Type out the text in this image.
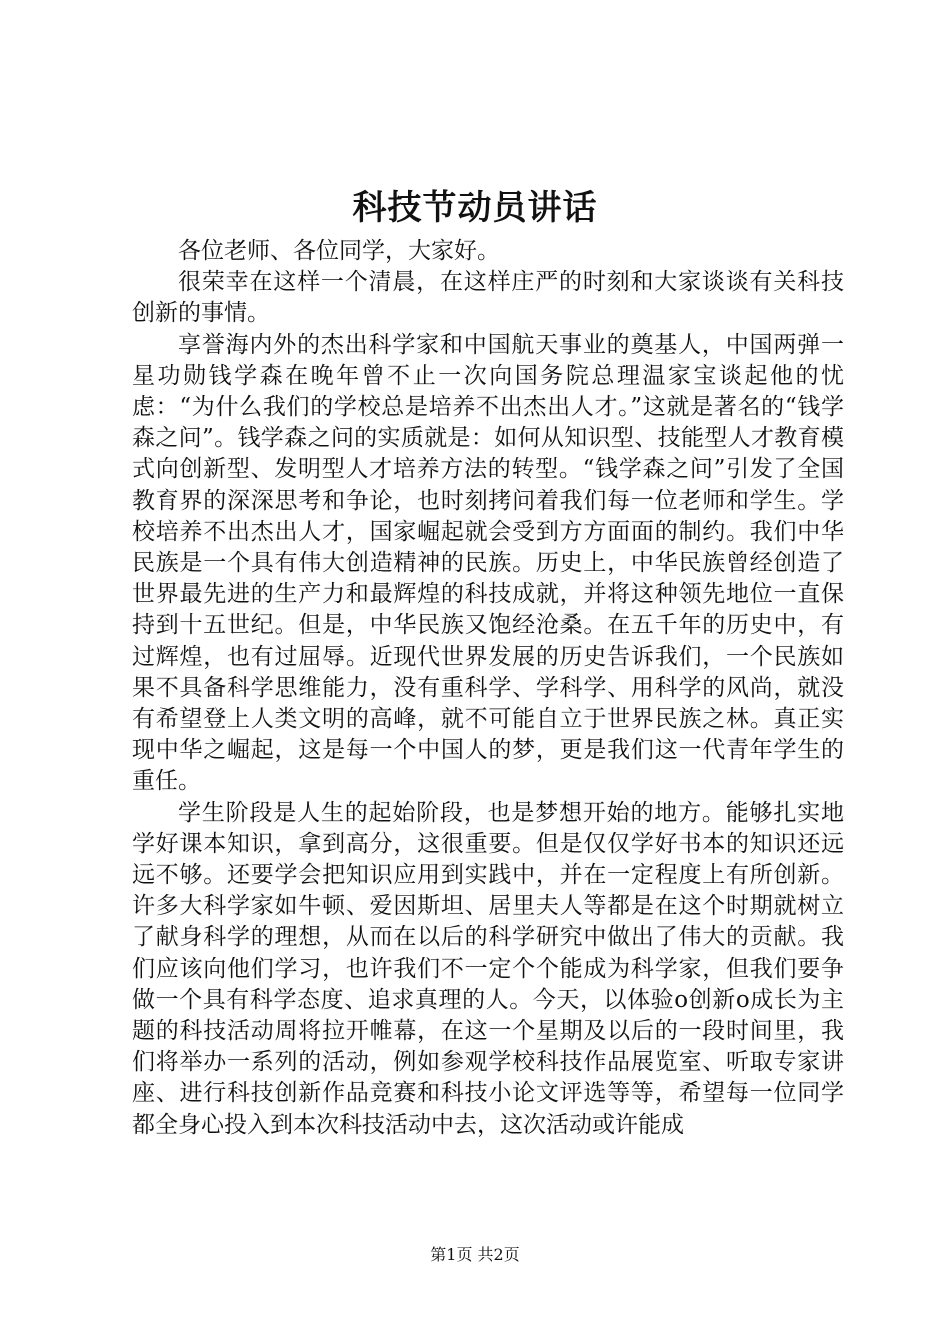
科技节动员讲话

各位老师、各位同学，大家好。

很荣幸在这样一个清晨，在这样庄严的时刻和大家谈谈有关科技创新的事情。

享誉海内外的杰出科学家和中国航天事业的奠基人，中国两弹一星功勋钱学森在晚年曾不止一次向国务院总理温家宝谈起他的忧虑：“为什么我们的学校总是培养不出杰出人才。”这就是著名的“钱学森之问”。钱学森之问的实质就是：如何从知识型、技能型人才教育模式向创新型、发明型人才培养方法的转型。“钱学森之问”引发了全国教育界的深深思考和争论，也时刻拷问着我们每一位老师和学生。学校培养不出杰出人才，国家崛起就会受到方方面面的制约。我们中华民族是一个具有伟大创造精神的民族。历史上，中华民族曾经创造了世界最先进的生产力和最辉煌的科技成就，并将这种领先地位一直保持到十五世纪。但是，中华民族又饱经沧桑。在五千年的历史中，有过辉煌，也有过屈辱。近现代世界发展的历史告诉我们，一个民族如果不具备科学思维能力，没有重科学、学科学、用科学的风尚，就没有希望登上人类文明的高峰，就不可能自立于世界民族之林。真正实现中华之崛起，这是每一个中国人的梦，更是我们这一代青年学生的重任。

学生阶段是人生的起始阶段，也是梦想开始的地方。能够扎实地学好课本知识，拿到高分，这很重要。但是仅仅学好书本的知识还远远不够。还要学会把知识应用到实践中，并在一定程度上有所创新。许多大科学家如牛顿、爱因斯坦、居里夫人等都是在这个时期就树立了献身科学的理想，从而在以后的科学研究中做出了伟大的贡献。我们应该向他们学习，也许我们不一定个个能成为科学家，但我们要争做一个具有科学态度、追求真理的人。今天，以体验o创新o成长为主题的科技活动周将拉开帷幕，在这一个星期及以后的一段时间里，我们将举办一系列的活动，例如参观学校科技作品展览室、听取专家讲座、进行科技创新作品竞赛和科技小论文评选等等，希望每一位同学都全身心投入到本次科技活动中去，这次活动或许能成

第1页 共2页
